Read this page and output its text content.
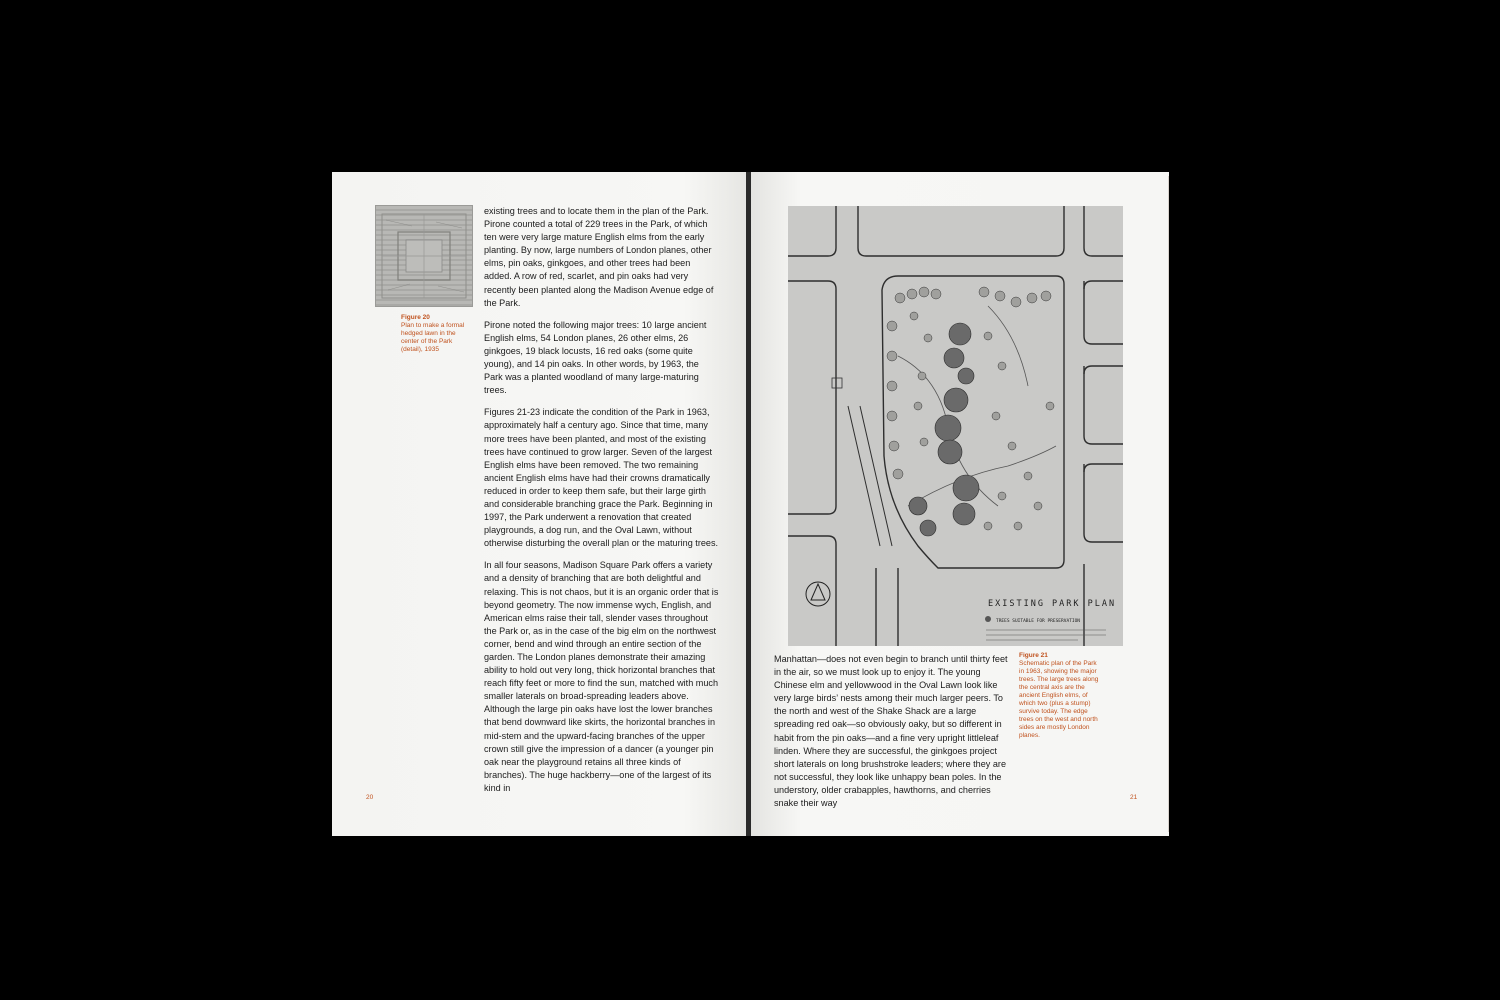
Figure 20
Plan to make a formal hedged lawn in the center of the Park (detail), 1935

existing trees and to locate them in the plan of the Park. Pirone counted a total of 229 trees in the Park, of which ten were very large mature English elms from the early planting. By now, large numbers of London planes, other elms, pin oaks, ginkgoes, and other trees had been added. A row of red, scarlet, and pin oaks had very recently been planted along the Madison Avenue edge of the Park.

Pirone noted the following major trees: 10 large ancient English elms, 54 London planes, 26 other elms, 26 ginkgoes, 19 black locusts, 16 red oaks (some quite young), and 14 pin oaks. In other words, by 1963, the Park was a planted woodland of many large-maturing trees.

Figures 21-23 indicate the condition of the Park in 1963, approximately half a century ago. Since that time, many more trees have been planted, and most of the existing trees have continued to grow larger. Seven of the largest English elms have been removed. The two remaining ancient English elms have had their crowns dramatically reduced in order to keep them safe, but their large girth and considerable branching grace the Park. Beginning in 1997, the Park underwent a renovation that created playgrounds, a dog run, and the Oval Lawn, without otherwise disturbing the overall plan or the maturing trees.

In all four seasons, Madison Square Park offers a variety and a density of branching that are both delightful and relaxing. This is not chaos, but it is an organic order that is beyond geometry. The now immense wych, English, and American elms raise their tall, slender vases throughout the Park or, as in the case of the big elm on the northwest corner, bend and wind through an entire section of the garden. The London planes demonstrate their amazing ability to hold out very long, thick horizontal branches that reach fifty feet or more to find the sun, matched with much smaller laterals on broad-spreading leaders above. Although the large pin oaks have lost the lower branches that bend downward like skirts, the horizontal branches in mid-stem and the upward-facing branches of the upper crown still give the impression of a dancer (a younger pin oak near the playground retains all three kinds of branches). The huge hackberry—one of the largest of its kind in

20
EXISTING PARK PLAN
TREES SUITABLE FOR PRESERVATION

Manhattan—does not even begin to branch until thirty feet in the air, so we must look up to enjoy it. The young Chinese elm and yellowwood in the Oval Lawn look like very large birds’ nests among their much larger peers. To the north and west of the Shake Shack are a large spreading red oak—so obviously oaky, but so different in habit from the pin oaks—and a fine very upright littleleaf linden. Where they are successful, the ginkgoes project short laterals on long brushstroke leaders; where they are not successful, they look like unhappy bean poles. In the understory, older crabapples, hawthorns, and cherries snake their way

Figure 21
Schematic plan of the Park in 1963, showing the major trees. The large trees along the central axis are the ancient English elms, of which two (plus a stump) survive today. The edge trees on the west and north sides are mostly London planes.
21
